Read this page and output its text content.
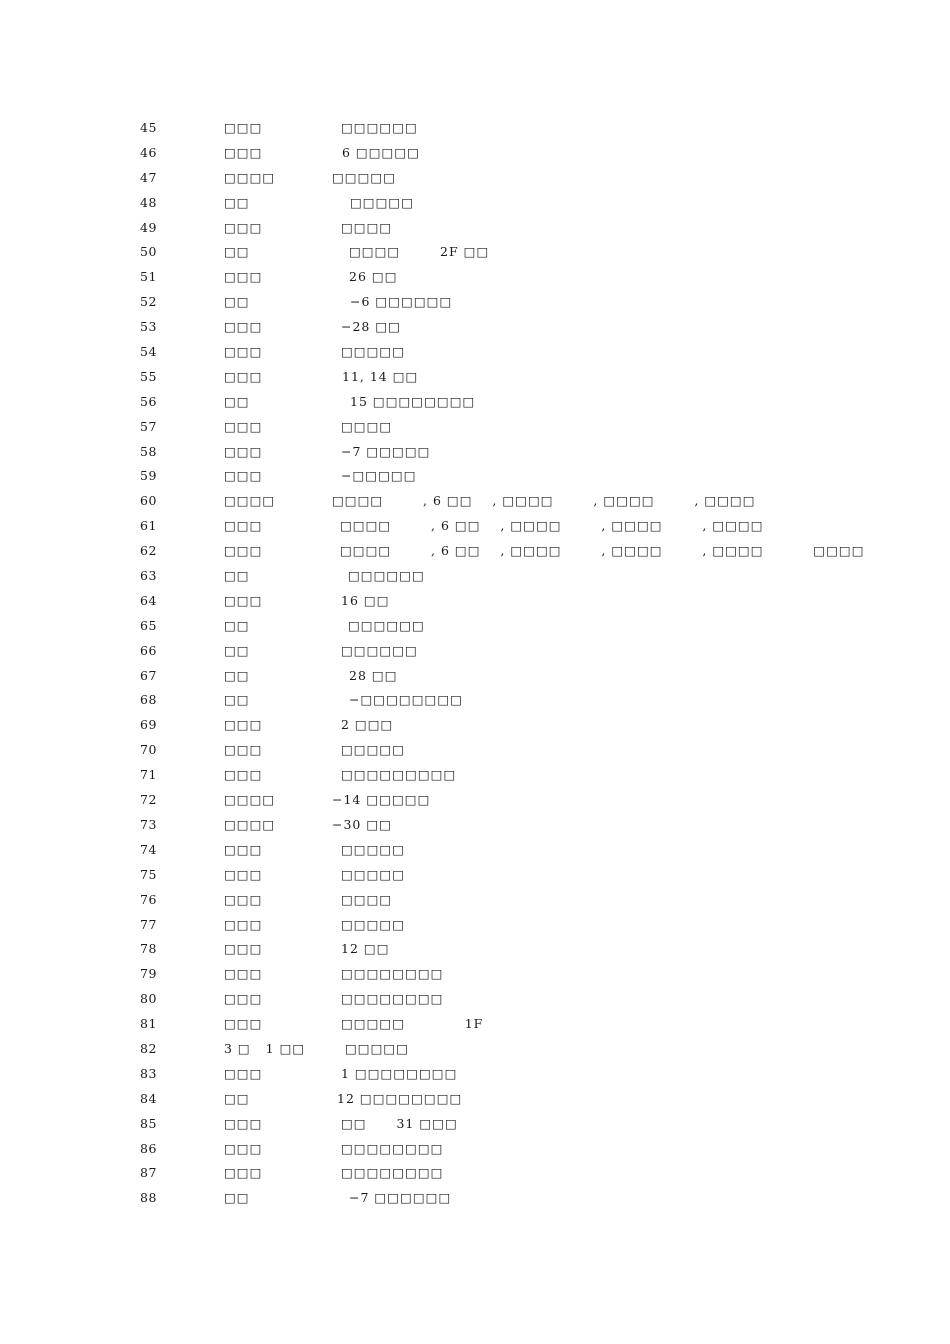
45	□□□	□□□□□□
46	□□□	6 □□□□□
47	□□□□	□□□□□
48	□□	□□□□□
49	□□□	□□□□
50	□□	□□□□        2F □□
51	□□□	26 □□
52	□□	−6 □□□□□□
53	□□□	−28 □□
54	□□□	□□□□□
55	□□□	11, 14 □□
56	□□	15 □□□□□□□□
57	□□□	□□□□
58	□□□	−7 □□□□□
59	□□□	−□□□□□
60	□□□□	□□□□        , 6 □□    , □□□□        , □□□□        , □□□□
61	□□□	□□□□        , 6 □□    , □□□□        , □□□□        , □□□□
62	□□□	□□□□        , 6 □□    , □□□□        , □□□□        , □□□□          □□□□
63	□□	□□□□□□
64	□□□	16 □□
65	□□	□□□□□□
66	□□	□□□□□□
67	□□	28 □□
68	□□	−□□□□□□□□
69	□□□	2 □□□
70	□□□	□□□□□
71	□□□	□□□□□□□□□
72	□□□□	−14 □□□□□
73	□□□□	−30 □□
74	□□□	□□□□□
75	□□□	□□□□□
76	□□□	□□□□
77	□□□	□□□□□
78	□□□	12 □□
79	□□□	□□□□□□□□
80	□□□	□□□□□□□□
81	□□□	□□□□□            1F
82	3 □   1 □□	□□□□□
83	□□□	1 □□□□□□□□
84	□□	12 □□□□□□□□
85	□□□	□□      31 □□□
86	□□□	□□□□□□□□
87	□□□	□□□□□□□□
88	□□	−7 □□□□□□
